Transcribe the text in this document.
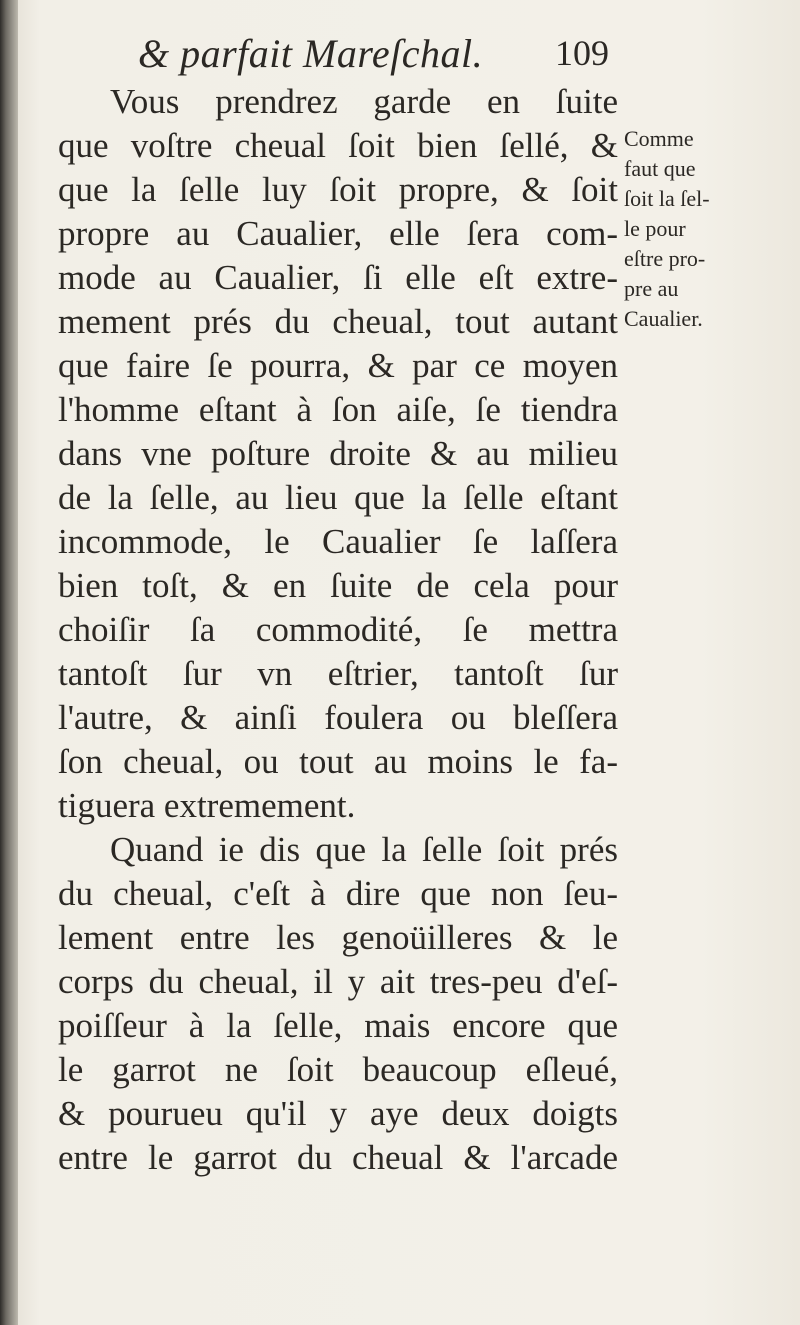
& parfait Mareſchal. 109
Vous prendrez garde en ſuite
que voſtre cheual ſoit bien ſellé, &
que la ſelle luy ſoit propre, & ſoit
propre au Caualier, elle ſera com-
mode au Caualier, ſi elle eſt extre-
mement prés du cheual, tout autant
que faire ſe pourra, & par ce moyen
l'homme eſtant à ſon aiſe, ſe tiendra
dans vne poſture droite & au milieu
de la ſelle, au lieu que la ſelle eſtant
incommode, le Caualier ſe laſſera
bien toſt, & en ſuite de cela pour
choiſir ſa commodité, ſe mettra
tantoſt ſur vn eſtrier, tantoſt ſur
l'autre, & ainſi foulera ou bleſſera
ſon cheual, ou tout au moins le fa-
tiguera extremement.
Quand ie dis que la ſelle ſoit prés
du cheual, c'eſt à dire que non ſeu-
lement entre les genoüilleres & le
corps du cheual, il y ait tres-peu d'eſ-
poiſſeur à la ſelle, mais encore que
le garrot ne ſoit beaucoup eſleué,
& pourueu qu'il y aye deux doigts
entre le garrot du cheual & l'arcade
Comme
faut que
ſoit la ſel-
le pour
eſtre pro-
pre au
Caualier.
